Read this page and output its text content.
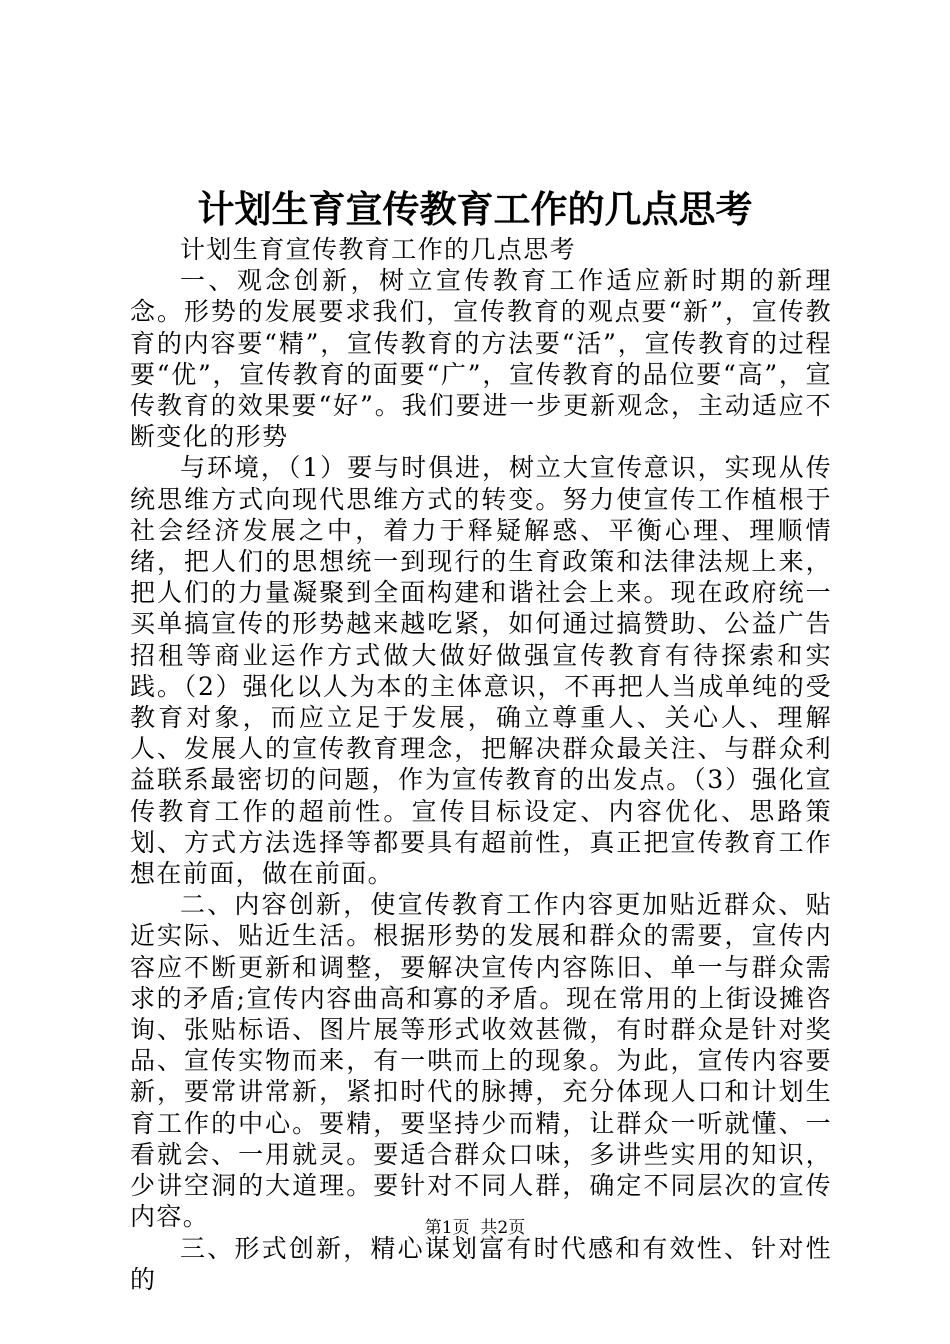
计划生育宣传教育工作的几点思考

计划生育宣传教育工作的几点思考

一、观念创新，树立宣传教育工作适应新时期的新理念。形势的发展要求我们，宣传教育的观点要“新”，宣传教育的内容要“精”，宣传教育的方法要“活”，宣传教育的过程要“优”，宣传教育的面要“广”，宣传教育的品位要“高”，宣传教育的效果要“好”。我们要进一步更新观念，主动适应不断变化的形势

与环境，（1）要与时俱进，树立大宣传意识，实现从传统思维方式向现代思维方式的转变。努力使宣传工作植根于社会经济发展之中，着力于释疑解惑、平衡心理、理顺情绪，把人们的思想统一到现行的生育政策和法律法规上来，把人们的力量凝聚到全面构建和谐社会上来。现在政府统一买单搞宣传的形势越来越吃紧，如何通过搞赞助、公益广告招租等商业运作方式做大做好做强宣传教育有待探索和实践。（2）强化以人为本的主体意识，不再把人当成单纯的受教育对象，而应立足于发展，确立尊重人、关心人、理解人、发展人的宣传教育理念，把解决群众最关注、与群众利益联系最密切的问题，作为宣传教育的出发点。（3）强化宣传教育工作的超前性。宣传目标设定、内容优化、思路策划、方式方法选择等都要具有超前性，真正把宣传教育工作想在前面，做在前面。

二、内容创新，使宣传教育工作内容更加贴近群众、贴近实际、贴近生活。根据形势的发展和群众的需要，宣传内容应不断更新和调整，要解决宣传内容陈旧、单一与群众需求的矛盾;宣传内容曲高和寡的矛盾。现在常用的上街设摊咨询、张贴标语、图片展等形式收效甚微，有时群众是针对奖品、宣传实物而来，有一哄而上的现象。为此，宣传内容要新，要常讲常新，紧扣时代的脉搏，充分体现人口和计划生育工作的中心。要精，要坚持少而精，让群众一听就懂、一看就会、一用就灵。要适合群众口味，多讲些实用的知识，少讲空洞的大道理。要针对不同人群，确定不同层次的宣传内容。

三、形式创新，精心谋划富有时代感和有效性、针对性的

第1页  共2页
